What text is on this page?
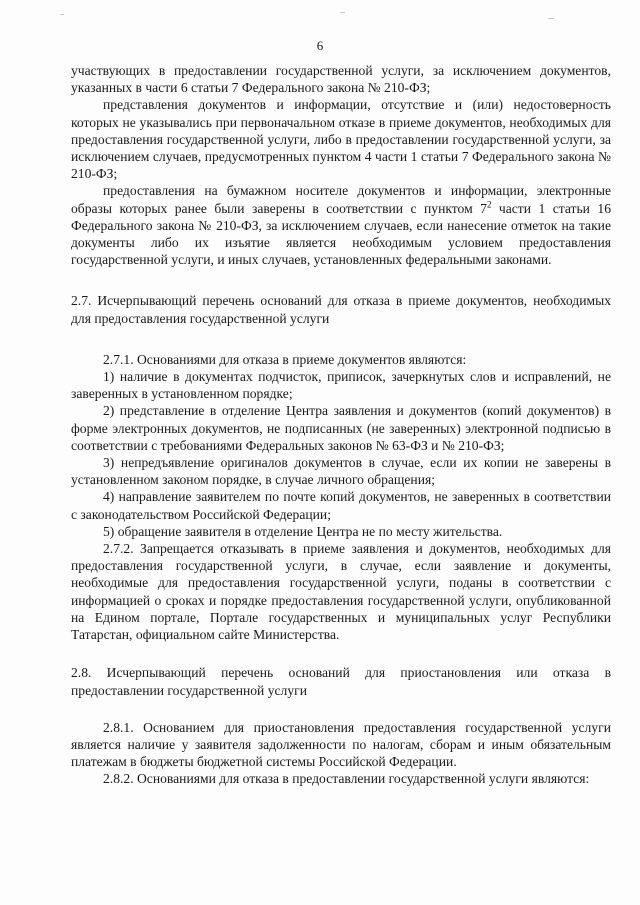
6

участвующих в предоставлении государственной услуги, за исключением документов, указанных в части 6 статьи 7 Федерального закона № 210-ФЗ;

представления документов и информации, отсутствие и (или) недостоверность которых не указывались при первоначальном отказе в приеме документов, необходимых для предоставления государственной услуги, либо в предоставлении государственной услуги, за исключением случаев, предусмотренных пунктом 4 части 1 статьи 7 Федерального закона № 210-ФЗ;

предоставления на бумажном носителе документов и информации, электронные образы которых ранее были заверены в соответствии с пунктом $7^2$ части 1 статьи 16 Федерального закона № 210-ФЗ, за исключением случаев, если нанесение отметок на такие документы либо их изъятие является необходимым условием предоставления государственной услуги, и иных случаев, установленных федеральными законами.

2.7. Исчерпывающий перечень оснований для отказа в приеме документов, необходимых для предоставления государственной услуги

2.7.1. Основаниями для отказа в приеме документов являются:

1) наличие в документах подчисток, приписок, зачеркнутых слов и исправлений, не заверенных в установленном порядке;

2) представление в отделение Центра заявления и документов (копий документов) в форме электронных документов, не подписанных (не заверенных) электронной подписью в соответствии с требованиями Федеральных законов № 63-ФЗ и № 210-ФЗ;

3) непредъявление оригиналов документов в случае, если их копии не заверены в установленном законом порядке, в случае личного обращения;

4) направление заявителем по почте копий документов, не заверенных в соответствии с законодательством Российской Федерации;

5) обращение заявителя в отделение Центра не по месту жительства.

2.7.2. Запрещается отказывать в приеме заявления и документов, необходимых для предоставления государственной услуги, в случае, если заявление и документы, необходимые для предоставления государственной услуги, поданы в соответствии с информацией о сроках и порядке предоставления государственной услуги, опубликованной на Едином портале, Портале государственных и муниципальных услуг Республики Татарстан, официальном сайте Министерства.

2.8. Исчерпывающий перечень оснований для приостановления или отказа в предоставлении государственной услуги

2.8.1. Основанием для приостановления предоставления государственной услуги является наличие у заявителя задолженности по налогам, сборам и иным обязательным платежам в бюджеты бюджетной системы Российской Федерации.

2.8.2. Основаниями для отказа в предоставлении государственной услуги являются:
